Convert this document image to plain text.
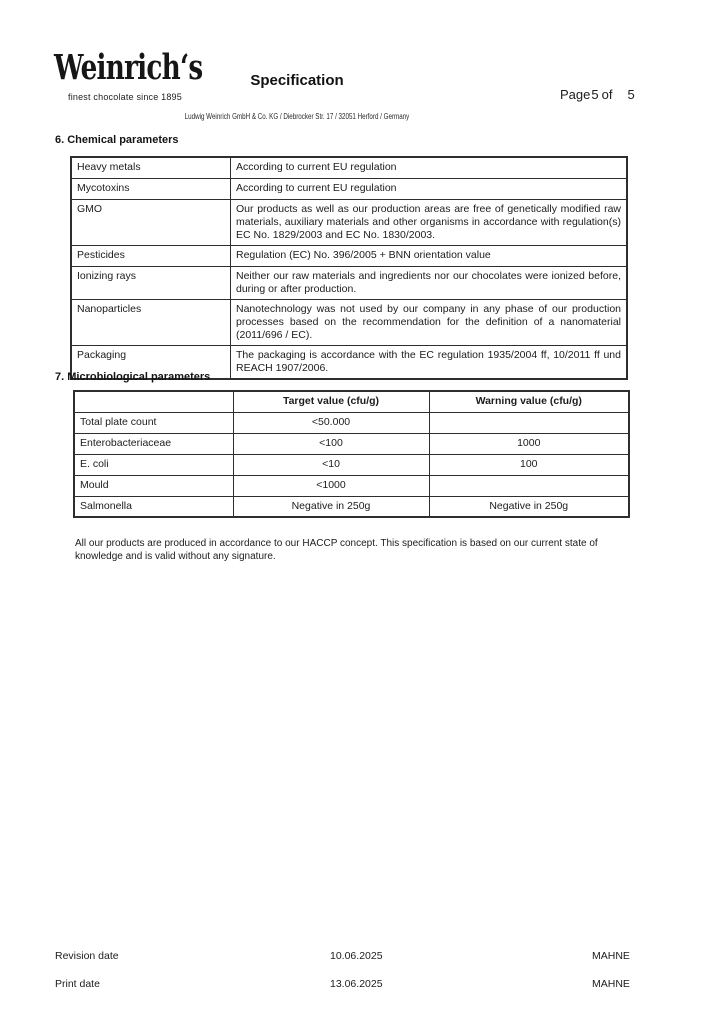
Weinrich‘s
finest chocolate since 1895
Specification
Page5 of 5
Ludwig Weinrich GmbH & Co. KG / Diebrocker Str. 17 / 32051 Herford / Germany
6. Chemical parameters
Heavy metals	According to current EU regulation
Mycotoxins	According to current EU regulation
GMO	Our products as well as our production areas are free of genetically modified raw materials, auxiliary materials and other organisms in accordance with regulation(s) EC No. 1829/2003 and EC No. 1830/2003.
Pesticides	Regulation (EC) No. 396/2005 + BNN orientation value
Ionizing rays	Neither our raw materials and ingredients nor our chocolates were ionized before, during or after production.
Nanoparticles	Nanotechnology was not used by our company in any phase of our production processes based on the recommendation for the definition of a nanomaterial (2011/696 / EC).
Packaging	The packaging is accordance with the EC regulation 1935/2004 ff, 10/2011 ff und REACH 1907/2006.
7. Microbiological parameters
	Target value (cfu/g)	Warning value (cfu/g)
Total plate count	<50.000	
Enterobacteriaceae	<100	1000
E. coli	<10	100
Mould	<1000	
Salmonella	Negative in 250g	Negative in 250g
All our products are produced in accordance to our HACCP concept. This specification is based on our current state of knowledge and is valid without any signature.
Revision date	10.06.2025	MAHNE
Print date	13.06.2025	MAHNE
